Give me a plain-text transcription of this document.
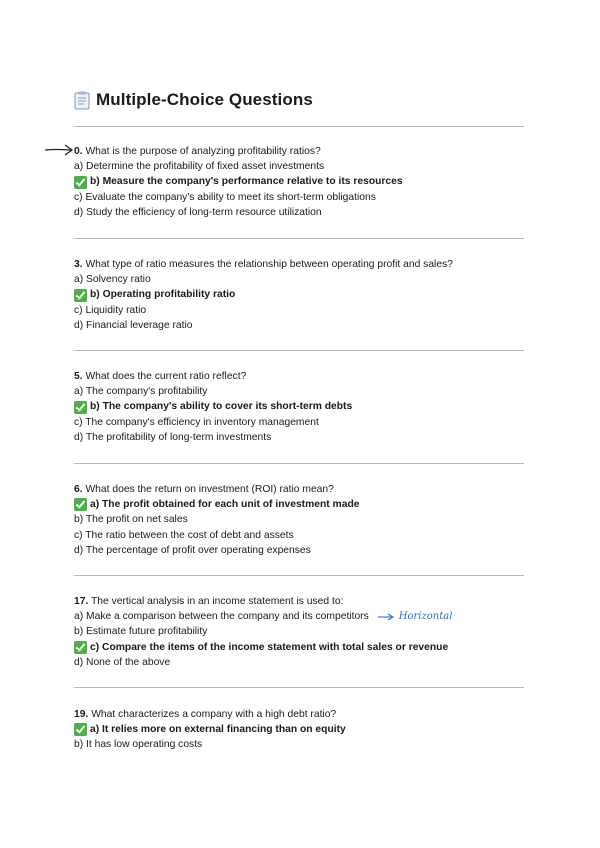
Multiple-Choice Questions
0. What is the purpose of analyzing profitability ratios?
a) Determine the profitability of fixed asset investments
b) Measure the company's performance relative to its resources
c) Evaluate the company's ability to meet its short-term obligations
d) Study the efficiency of long-term resource utilization
3. What type of ratio measures the relationship between operating profit and sales?
a) Solvency ratio
b) Operating profitability ratio
c) Liquidity ratio
d) Financial leverage ratio
5. What does the current ratio reflect?
a) The company's profitability
b) The company's ability to cover its short-term debts
c) The company's efficiency in inventory management
d) The profitability of long-term investments
6. What does the return on investment (ROI) ratio mean?
a) The profit obtained for each unit of investment made
b) The profit on net sales
c) The ratio between the cost of debt and assets
d) The percentage of profit over operating expenses
17. The vertical analysis in an income statement is used to:
a) Make a comparison between the company and its competitors	Horizontal
b) Estimate future profitability
c) Compare the items of the income statement with total sales or revenue
d) None of the above
19. What characterizes a company with a high debt ratio?
a) It relies more on external financing than on equity
b) It has low operating costs
